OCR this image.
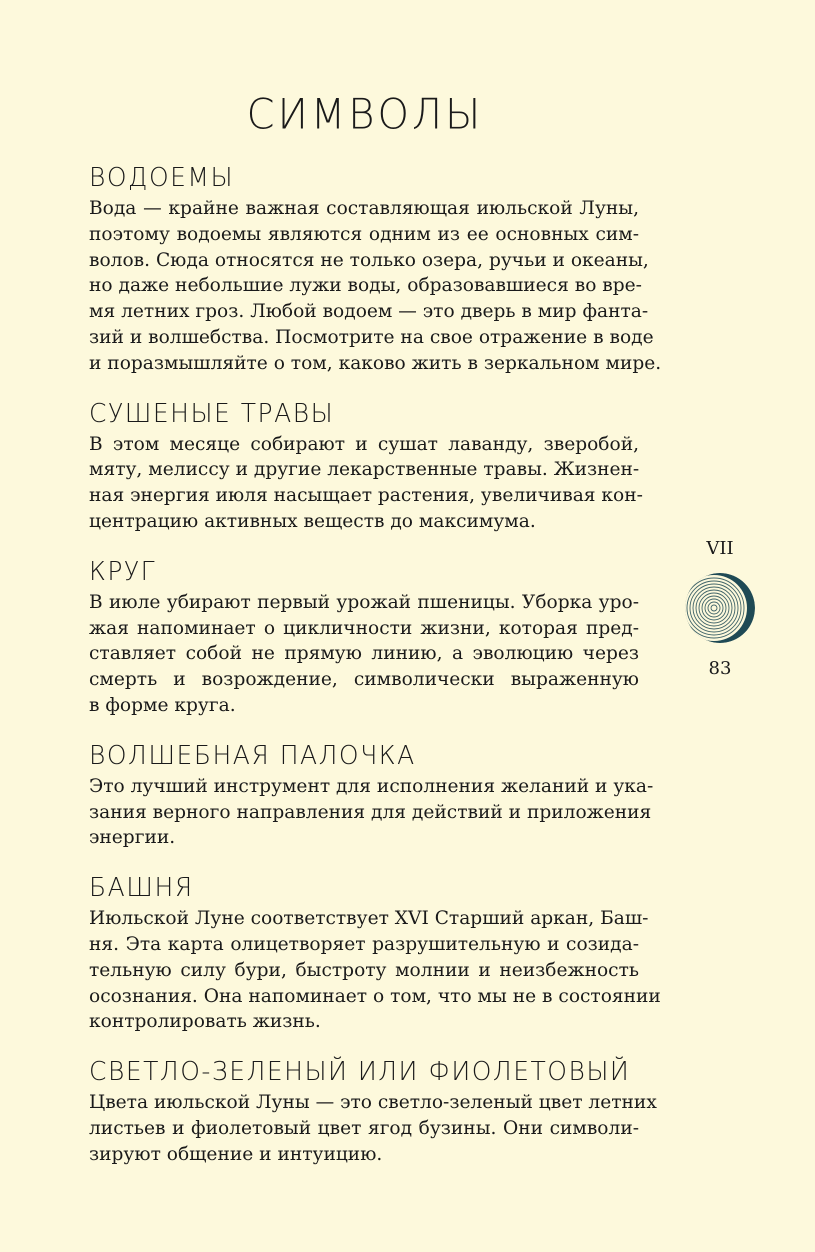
СИМВОЛЫ
ВОДОЕМЫ

Вода — крайне важная составляющая июльской Луны,
поэтому водоемы являются одним из ее основных сим-
волов. Сюда относятся не только озера, ручьи и океаны,
но даже небольшие лужи воды, образовавшиеся во вре-
мя летних гроз. Любой водоем — это дверь в мир фанта-
зий и волшебства. Посмотрите на свое отражение в воде
и поразмышляйте о том, каково жить в зеркальном мире.

СУШЕНЫЕ ТРАВЫ

В этом месяце собирают и сушат лаванду, зверобой,
мяту, мелиссу и другие лекарственные травы. Жизнен-
ная энергия июля насыщает растения, увеличивая кон-
центрацию активных веществ до максимума.

КРУГ

В июле убирают первый урожай пшеницы. Уборка уро-
жая напоминает о цикличности жизни, которая пред-
ставляет собой не прямую линию, а эволюцию через
смерть и возрождение, символически выраженную
в форме круга.

ВОЛШЕБНАЯ ПАЛОЧКА

Это лучший инструмент для исполнения желаний и ука-
зания верного направления для действий и приложения
энергии.

БАШНЯ

Июльской Луне соответствует XVI Старший аркан, Баш-
ня. Эта карта олицетворяет разрушительную и созида-
тельную силу бури, быстроту молнии и неизбежность
осознания. Она напоминает о том, что мы не в состоянии
контролировать жизнь.

СВЕТЛО-ЗЕЛЕНЫЙ ИЛИ ФИОЛЕТОВЫЙ

Цвета июльской Луны — это светло-зеленый цвет летних
листьев и фиолетовый цвет ягод бузины. Они символи-
зируют общение и интуицию.

VII
83
